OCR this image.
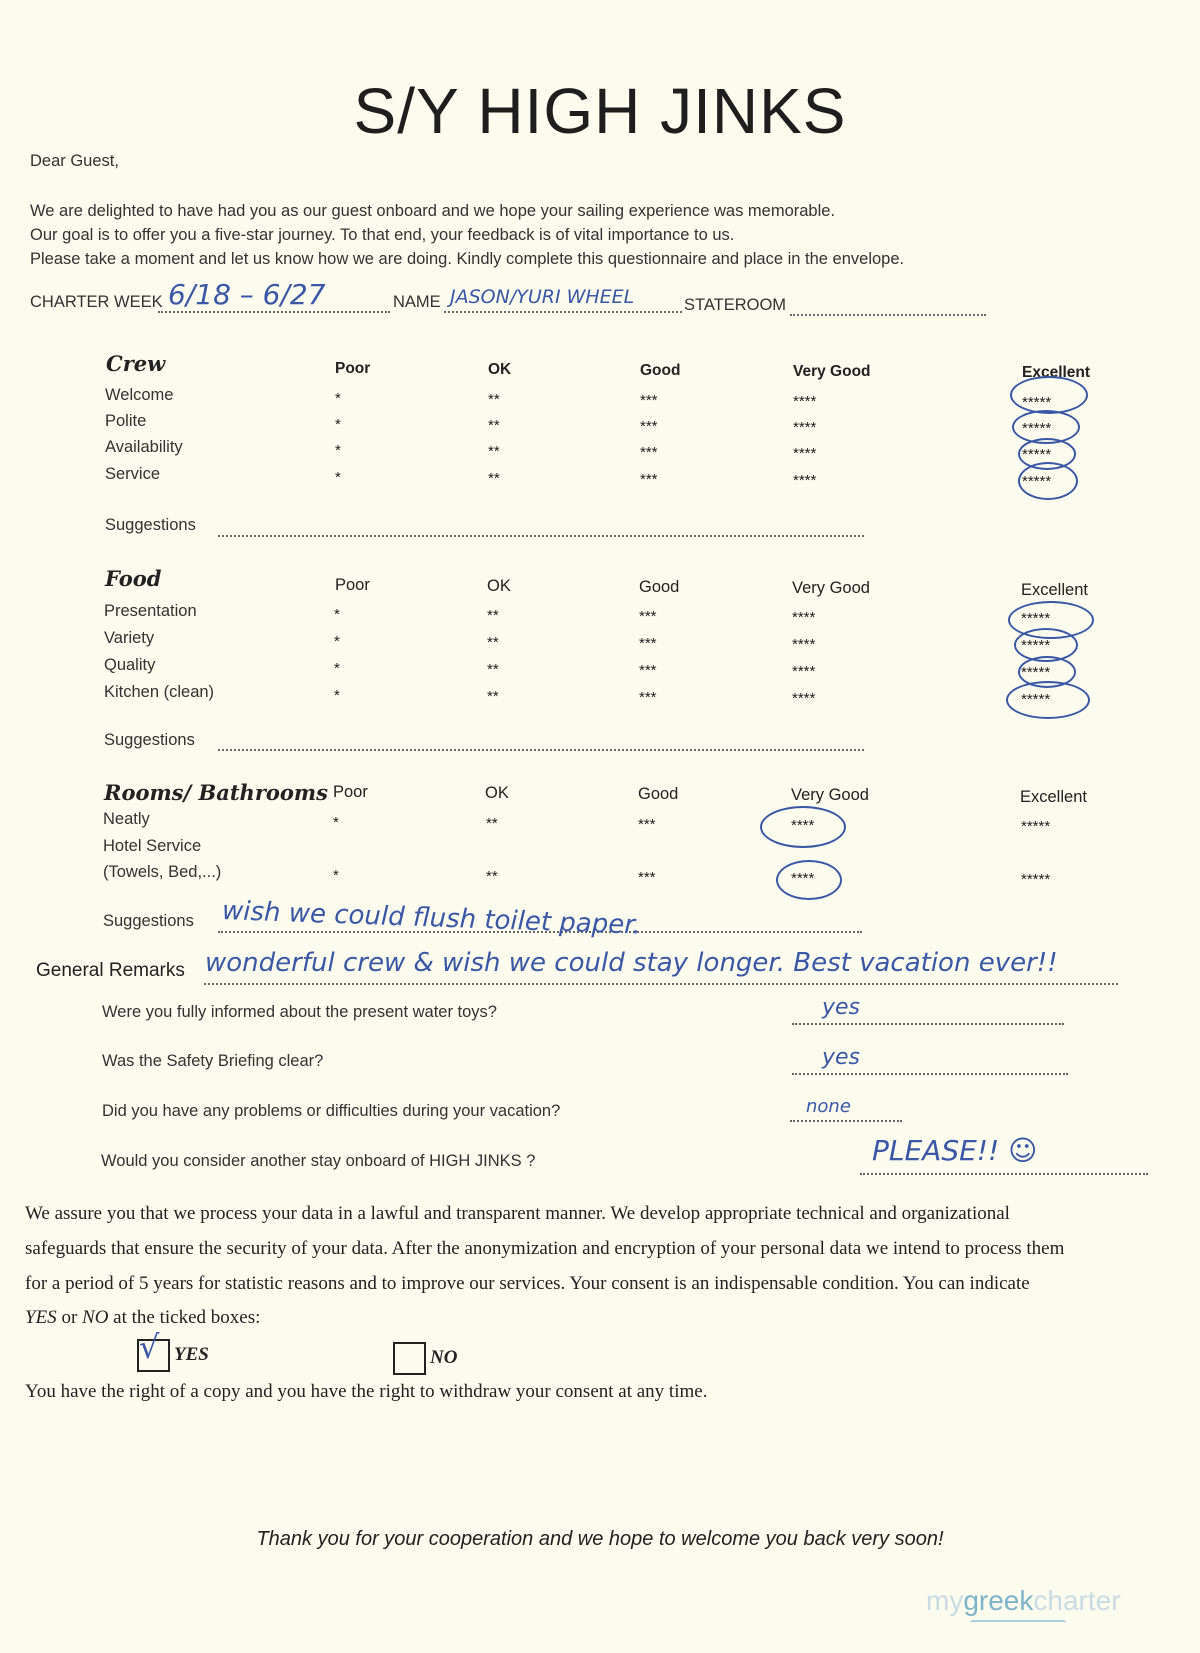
S/Y HIGH JINKS
Dear Guest,
We are delighted to have had you as our guest onboard and we hope your sailing experience was memorable.
Our goal is to offer you a five-star journey. To that end, your feedback is of vital importance to us.
Please take a moment and let us know how we are doing. Kindly complete this questionnaire and place in the envelope.
CHARTER WEEK 6/18 – 6/27	NAME JASON/YURI WHEEL	STATEROOM
Crew	Poor	OK	Good	Very Good	Excellent
Welcome	*	**	***	****	*****
Polite	*	**	***	****	*****
Availability	*	**	***	****	*****
Service	*	**	***	****	*****
Suggestions
Food	Poor	OK	Good	Very Good	Excellent
Presentation	*	**	***	****	*****
Variety	*	**	***	****	*****
Quality	*	**	***	****	*****
Kitchen (clean)	*	**	***	****	*****
Suggestions
Rooms/ Bathrooms Poor	OK	Good	Very Good	Excellent
Neatly	*	**	***	****	*****
Hotel Service
(Towels, Bed,...)	*	**	***	****	*****
Suggestions wish we could flush toilet paper.
General Remarks wonderful crew & wish we could stay longer. Best vacation ever!!
Were you fully informed about the present water toys?	yes
Was the Safety Briefing clear?	yes
Did you have any problems or difficulties during your vacation?	none
Would you consider another stay onboard of HIGH JINKS ?	PLEASE!! ☺
We assure you that we process your data in a lawful and transparent manner. We develop appropriate technical and organizational
safeguards that ensure the security of your data. After the anonymization and encryption of your personal data we intend to process them
for a period of 5 years for statistic reasons and to improve our services. Your consent is an indispensable condition. You can indicate
YES or NO at the ticked boxes:
√ YES	NO
You have the right of a copy and you have the right to withdraw your consent at any time.
Thank you for your cooperation and we hope to welcome you back very soon!
mygreekcharter
